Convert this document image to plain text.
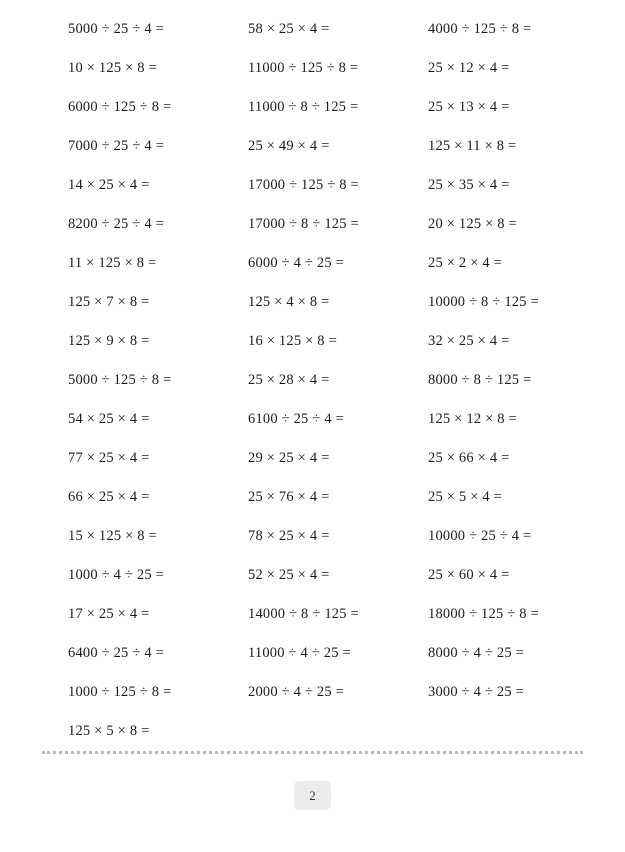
5000 ÷ 25 ÷ 4 =
10 × 125 × 8 =
6000 ÷ 125 ÷ 8 =
7000 ÷ 25 ÷ 4 =
14 × 25 × 4 =
8200 ÷ 25 ÷ 4 =
11 × 125 × 8 =
125 × 7 × 8 =
125 × 9 × 8 =
5000 ÷ 125 ÷ 8 =
54 × 25 × 4 =
77 × 25 × 4 =
66 × 25 × 4 =
15 × 125 × 8 =
1000 ÷ 4 ÷ 25 =
17 × 25 × 4 =
6400 ÷ 25 ÷ 4 =
1000 ÷ 125 ÷ 8 =
125 × 5 × 8 =
58 × 25 × 4 =
11000 ÷ 125 ÷ 8 =
11000 ÷ 8 ÷ 125 =
25 × 49 × 4 =
17000 ÷ 125 ÷ 8 =
17000 ÷ 8 ÷ 125 =
6000 ÷ 4 ÷ 25 =
125 × 4 × 8 =
16 × 125 × 8 =
25 × 28 × 4 =
6100 ÷ 25 ÷ 4 =
29 × 25 × 4 =
25 × 76 × 4 =
78 × 25 × 4 =
52 × 25 × 4 =
14000 ÷ 8 ÷ 125 =
11000 ÷ 4 ÷ 25 =
2000 ÷ 4 ÷ 25 =
4000 ÷ 125 ÷ 8 =
25 × 12 × 4 =
25 × 13 × 4 =
125 × 11 × 8 =
25 × 35 × 4 =
20 × 125 × 8 =
25 × 2 × 4 =
10000 ÷ 8 ÷ 125 =
32 × 25 × 4 =
8000 ÷ 8 ÷ 125 =
125 × 12 × 8 =
25 × 66 × 4 =
25 × 5 × 4 =
10000 ÷ 25 ÷ 4 =
25 × 60 × 4 =
18000 ÷ 125 ÷ 8 =
8000 ÷ 4 ÷ 25 =
3000 ÷ 4 ÷ 25 =
2
